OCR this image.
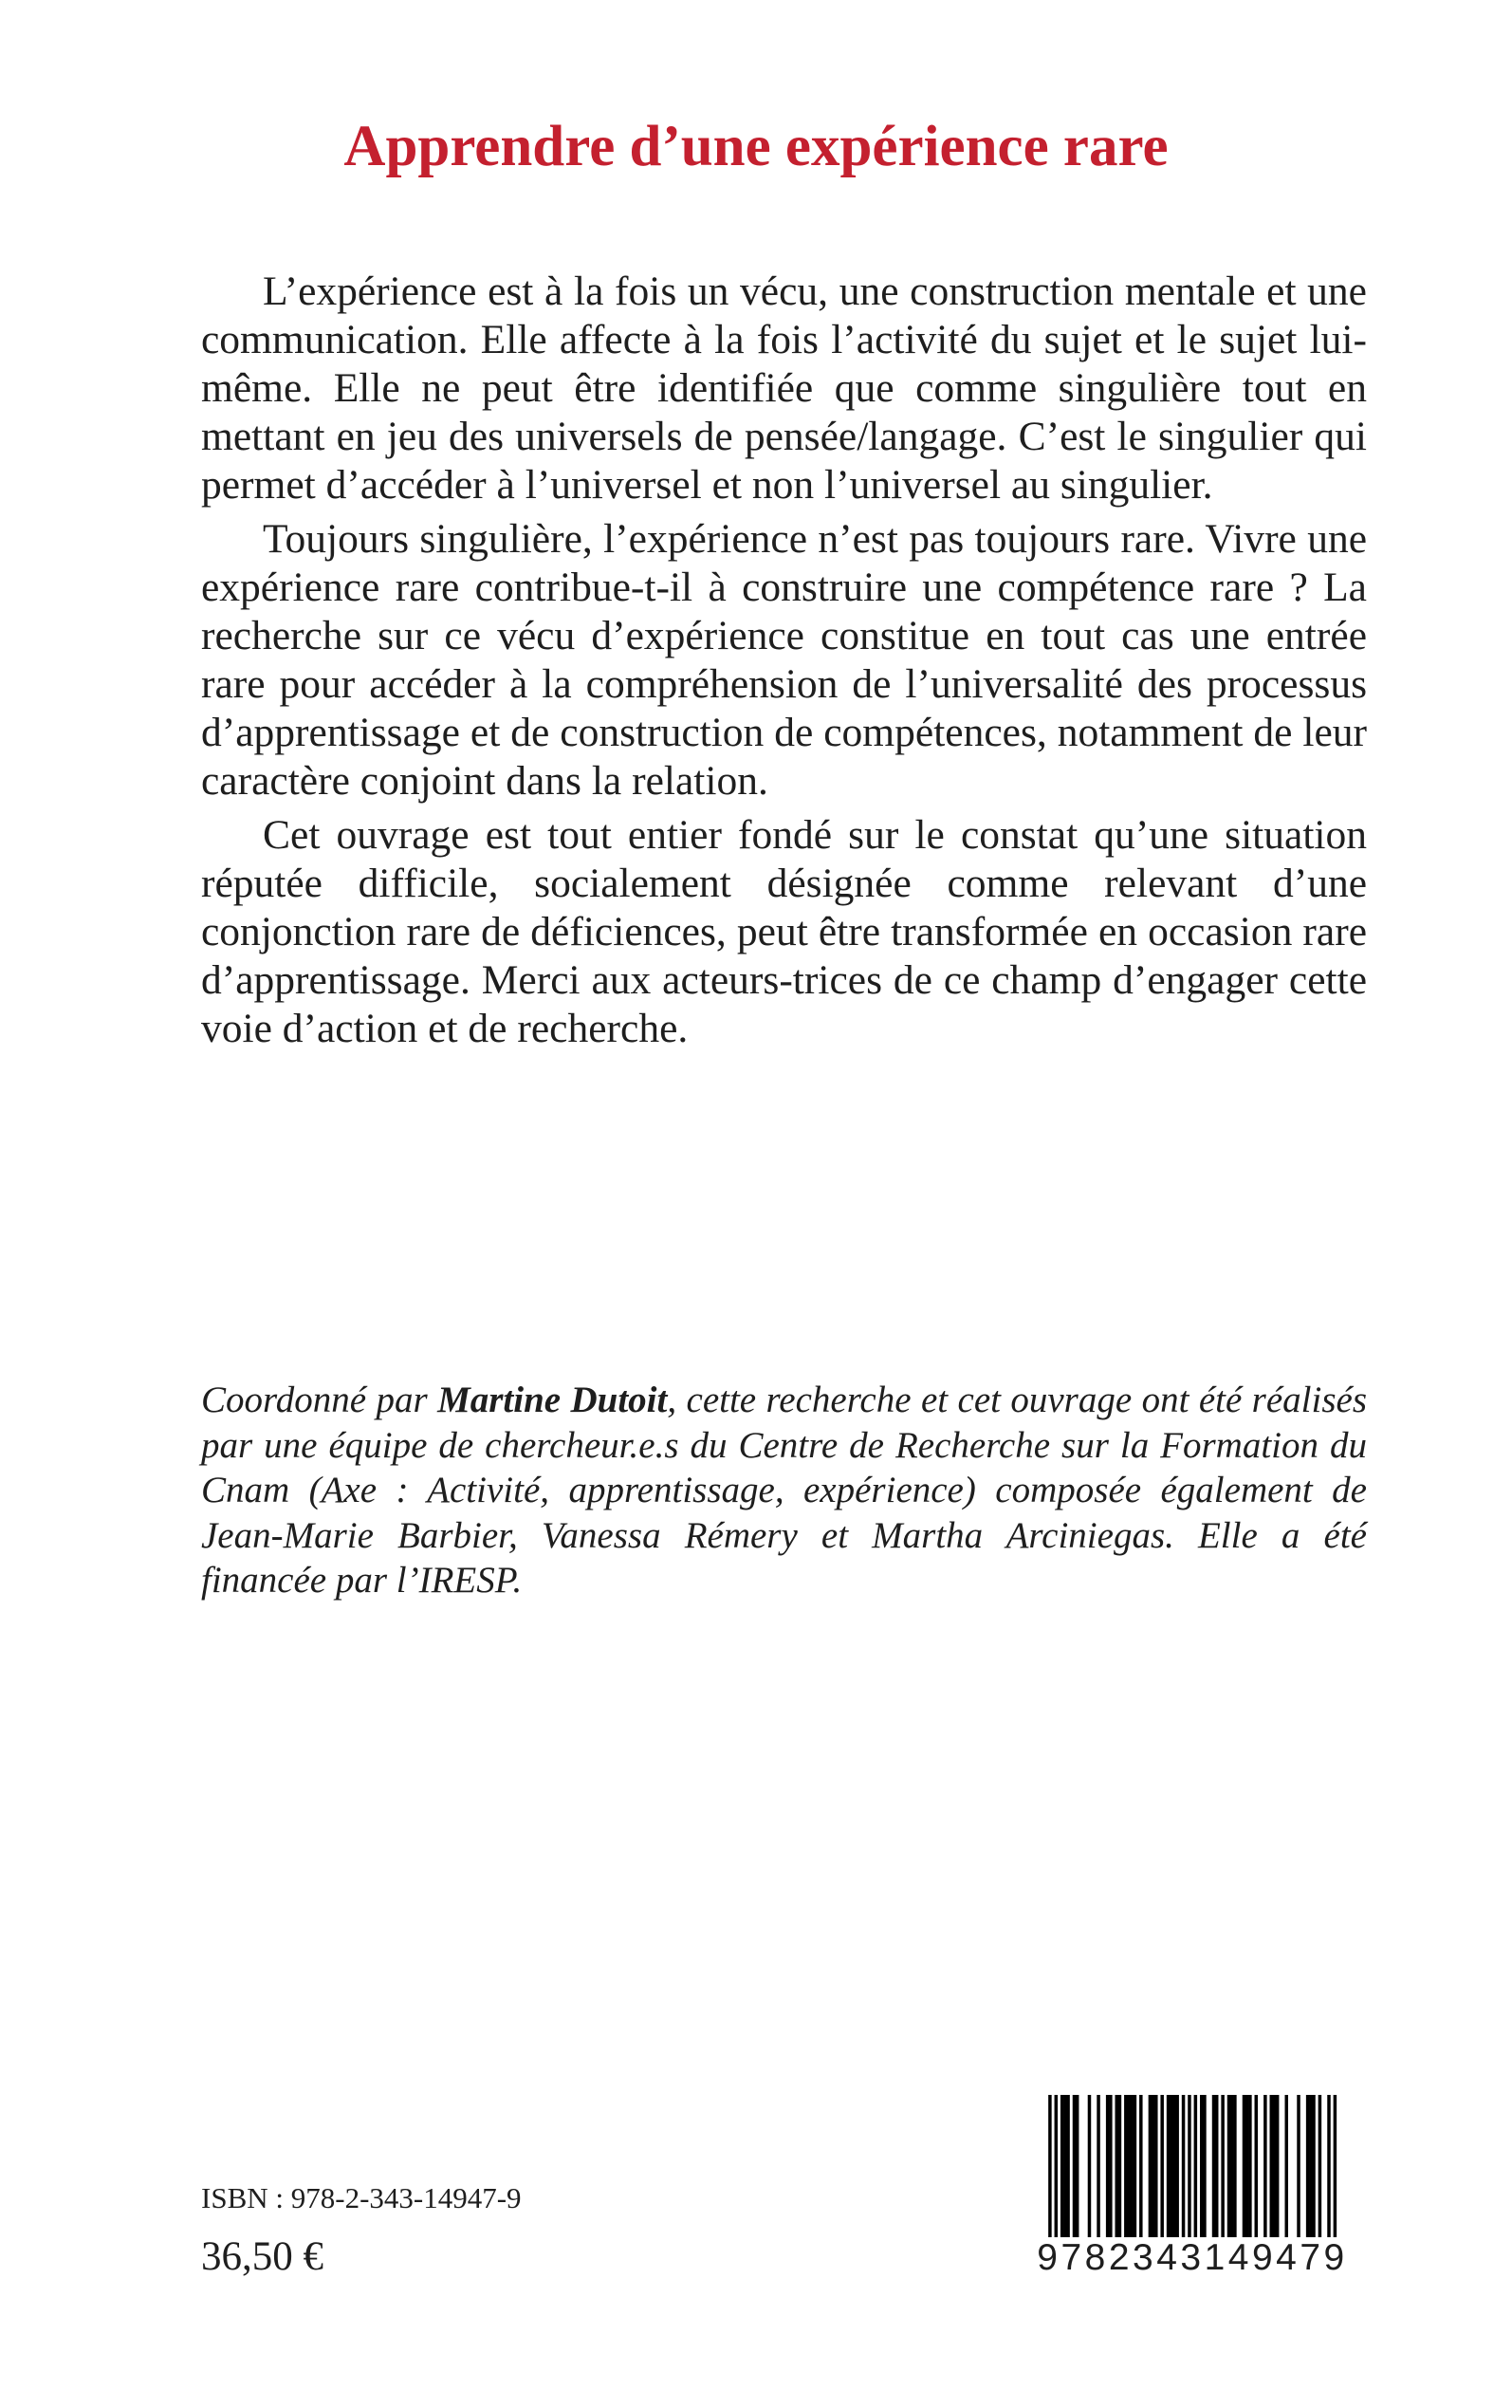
Apprendre d’une expérience rare

L’expérience est à la fois un vécu, une construction mentale et une communication. Elle affecte à la fois l’activité du sujet et le sujet lui-même. Elle ne peut être identifiée que comme singulière tout en mettant en jeu des universels de pensée/langage. C’est le singulier qui permet d’accéder à l’universel et non l’universel au singulier.

Toujours singulière, l’expérience n’est pas toujours rare. Vivre une expérience rare contribue-t-il à construire une compétence rare ? La recherche sur ce vécu d’expérience constitue en tout cas une entrée rare pour accéder à la compréhension de l’universalité des processus d’apprentissage et de construction de compétences, notamment de leur caractère conjoint dans la relation.

Cet ouvrage est tout entier fondé sur le constat qu’une situation réputée difficile, socialement désignée comme relevant d’une conjonction rare de déficiences, peut être transformée en occasion rare d’apprentissage. Merci aux acteurs-trices de ce champ d’engager cette voie d’action et de recherche.

Coordonné par Martine Dutoit, cette recherche et cet ouvrage ont été réalisés par une équipe de chercheur.e.s du Centre de Recherche sur la Formation du Cnam (Axe : Activité, apprentissage, expérience) composée également de Jean-Marie Barbier, Vanessa Rémery et Martha Arciniegas. Elle a été financée par l’IRESP.
ISBN : 978-2-343-14947-9
36,50 €	9782343149479
